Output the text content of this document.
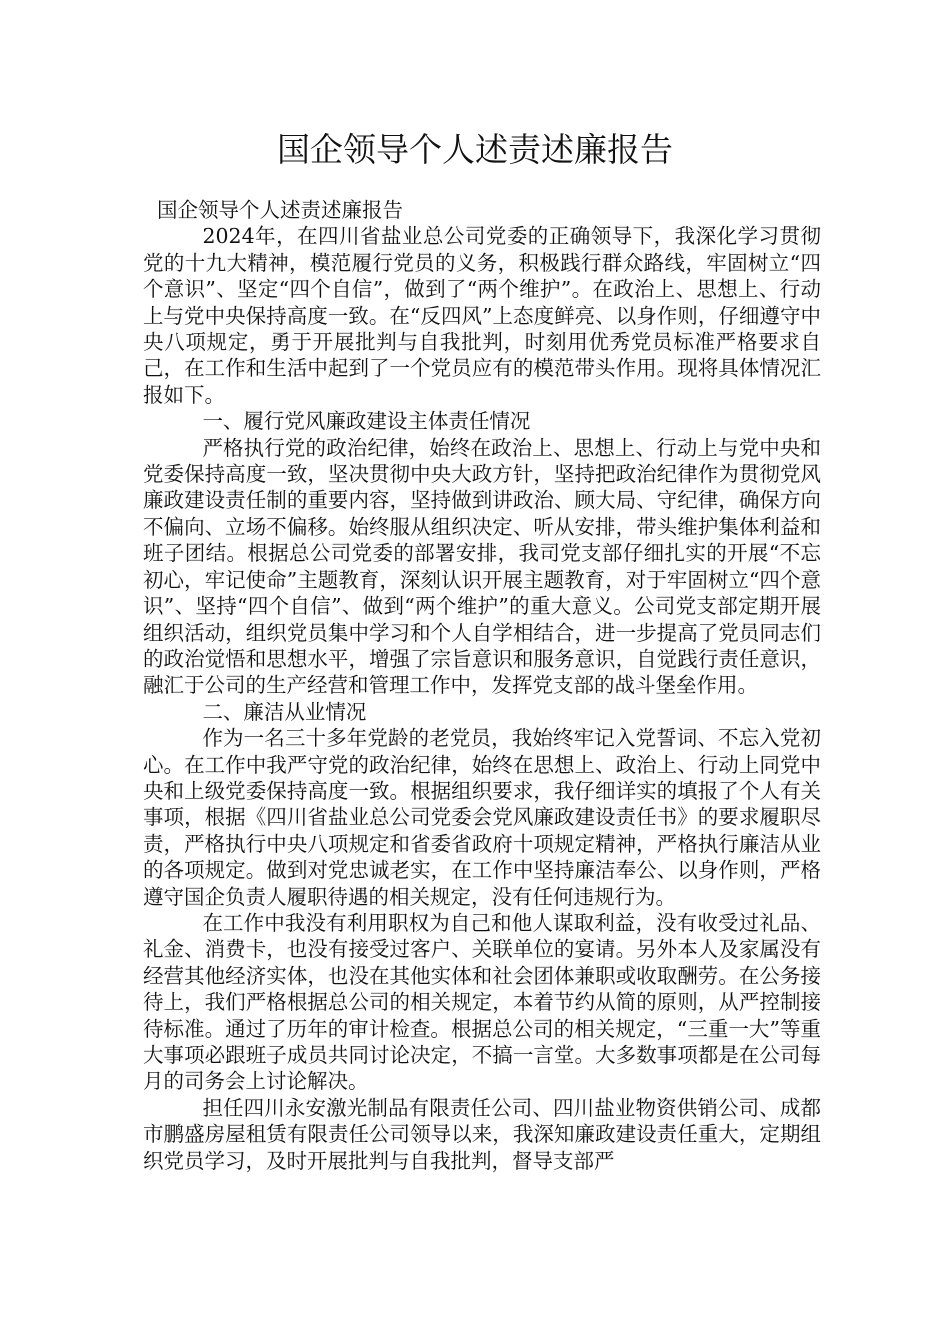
国企领导个人述责述廉报告

国企领导个人述责述廉报告

2024年，在四川省盐业总公司党委的正确领导下，我深化学习贯彻党的十九大精神，模范履行党员的义务，积极践行群众路线，牢固树立“四个意识”、坚定“四个自信”，做到了“两个维护”。在政治上、思想上、行动上与党中央保持高度一致。在“反四风”上态度鲜亮、以身作则，仔细遵守中央八项规定，勇于开展批判与自我批判，时刻用优秀党员标准严格要求自己，在工作和生活中起到了一个党员应有的模范带头作用。现将具体情况汇报如下。

一、履行党风廉政建设主体责任情况

严格执行党的政治纪律，始终在政治上、思想上、行动上与党中央和党委保持高度一致，坚决贯彻中央大政方针，坚持把政治纪律作为贯彻党风廉政建设责任制的重要内容，坚持做到讲政治、顾大局、守纪律，确保方向不偏向、立场不偏移。始终服从组织决定、听从安排，带头维护集体利益和班子团结。根据总公司党委的部署安排，我司党支部仔细扎实的开展“不忘初心，牢记使命”主题教育，深刻认识开展主题教育，对于牢固树立“四个意识”、坚持“四个自信”、做到“两个维护”的重大意义。公司党支部定期开展组织活动，组织党员集中学习和个人自学相结合，进一步提高了党员同志们的政治觉悟和思想水平，增强了宗旨意识和服务意识，自觉践行责任意识，融汇于公司的生产经营和管理工作中，发挥党支部的战斗堡垒作用。

二、廉洁从业情况

作为一名三十多年党龄的老党员，我始终牢记入党誓词、不忘入党初心。在工作中我严守党的政治纪律，始终在思想上、政治上、行动上同党中央和上级党委保持高度一致。根据组织要求，我仔细详实的填报了个人有关事项，根据《四川省盐业总公司党委会党风廉政建设责任书》的要求履职尽责，严格执行中央八项规定和省委省政府十项规定精神，严格执行廉洁从业的各项规定。做到对党忠诚老实，在工作中坚持廉洁奉公、以身作则，严格遵守国企负责人履职待遇的相关规定，没有任何违规行为。

在工作中我没有利用职权为自己和他人谋取利益，没有收受过礼品、礼金、消费卡，也没有接受过客户、关联单位的宴请。另外本人及家属没有经营其他经济实体，也没在其他实体和社会团体兼职或收取酬劳。在公务接待上，我们严格根据总公司的相关规定，本着节约从简的原则，从严控制接待标准。通过了历年的审计检查。根据总公司的相关规定，“三重一大”等重大事项必跟班子成员共同讨论决定，不搞一言堂。大多数事项都是在公司每月的司务会上讨论解决。

担任四川永安激光制品有限责任公司、四川盐业物资供销公司、成都市鹏盛房屋租赁有限责任公司领导以来，我深知廉政建设责任重大，定期组织党员学习，及时开展批判与自我批判，督导支部严
